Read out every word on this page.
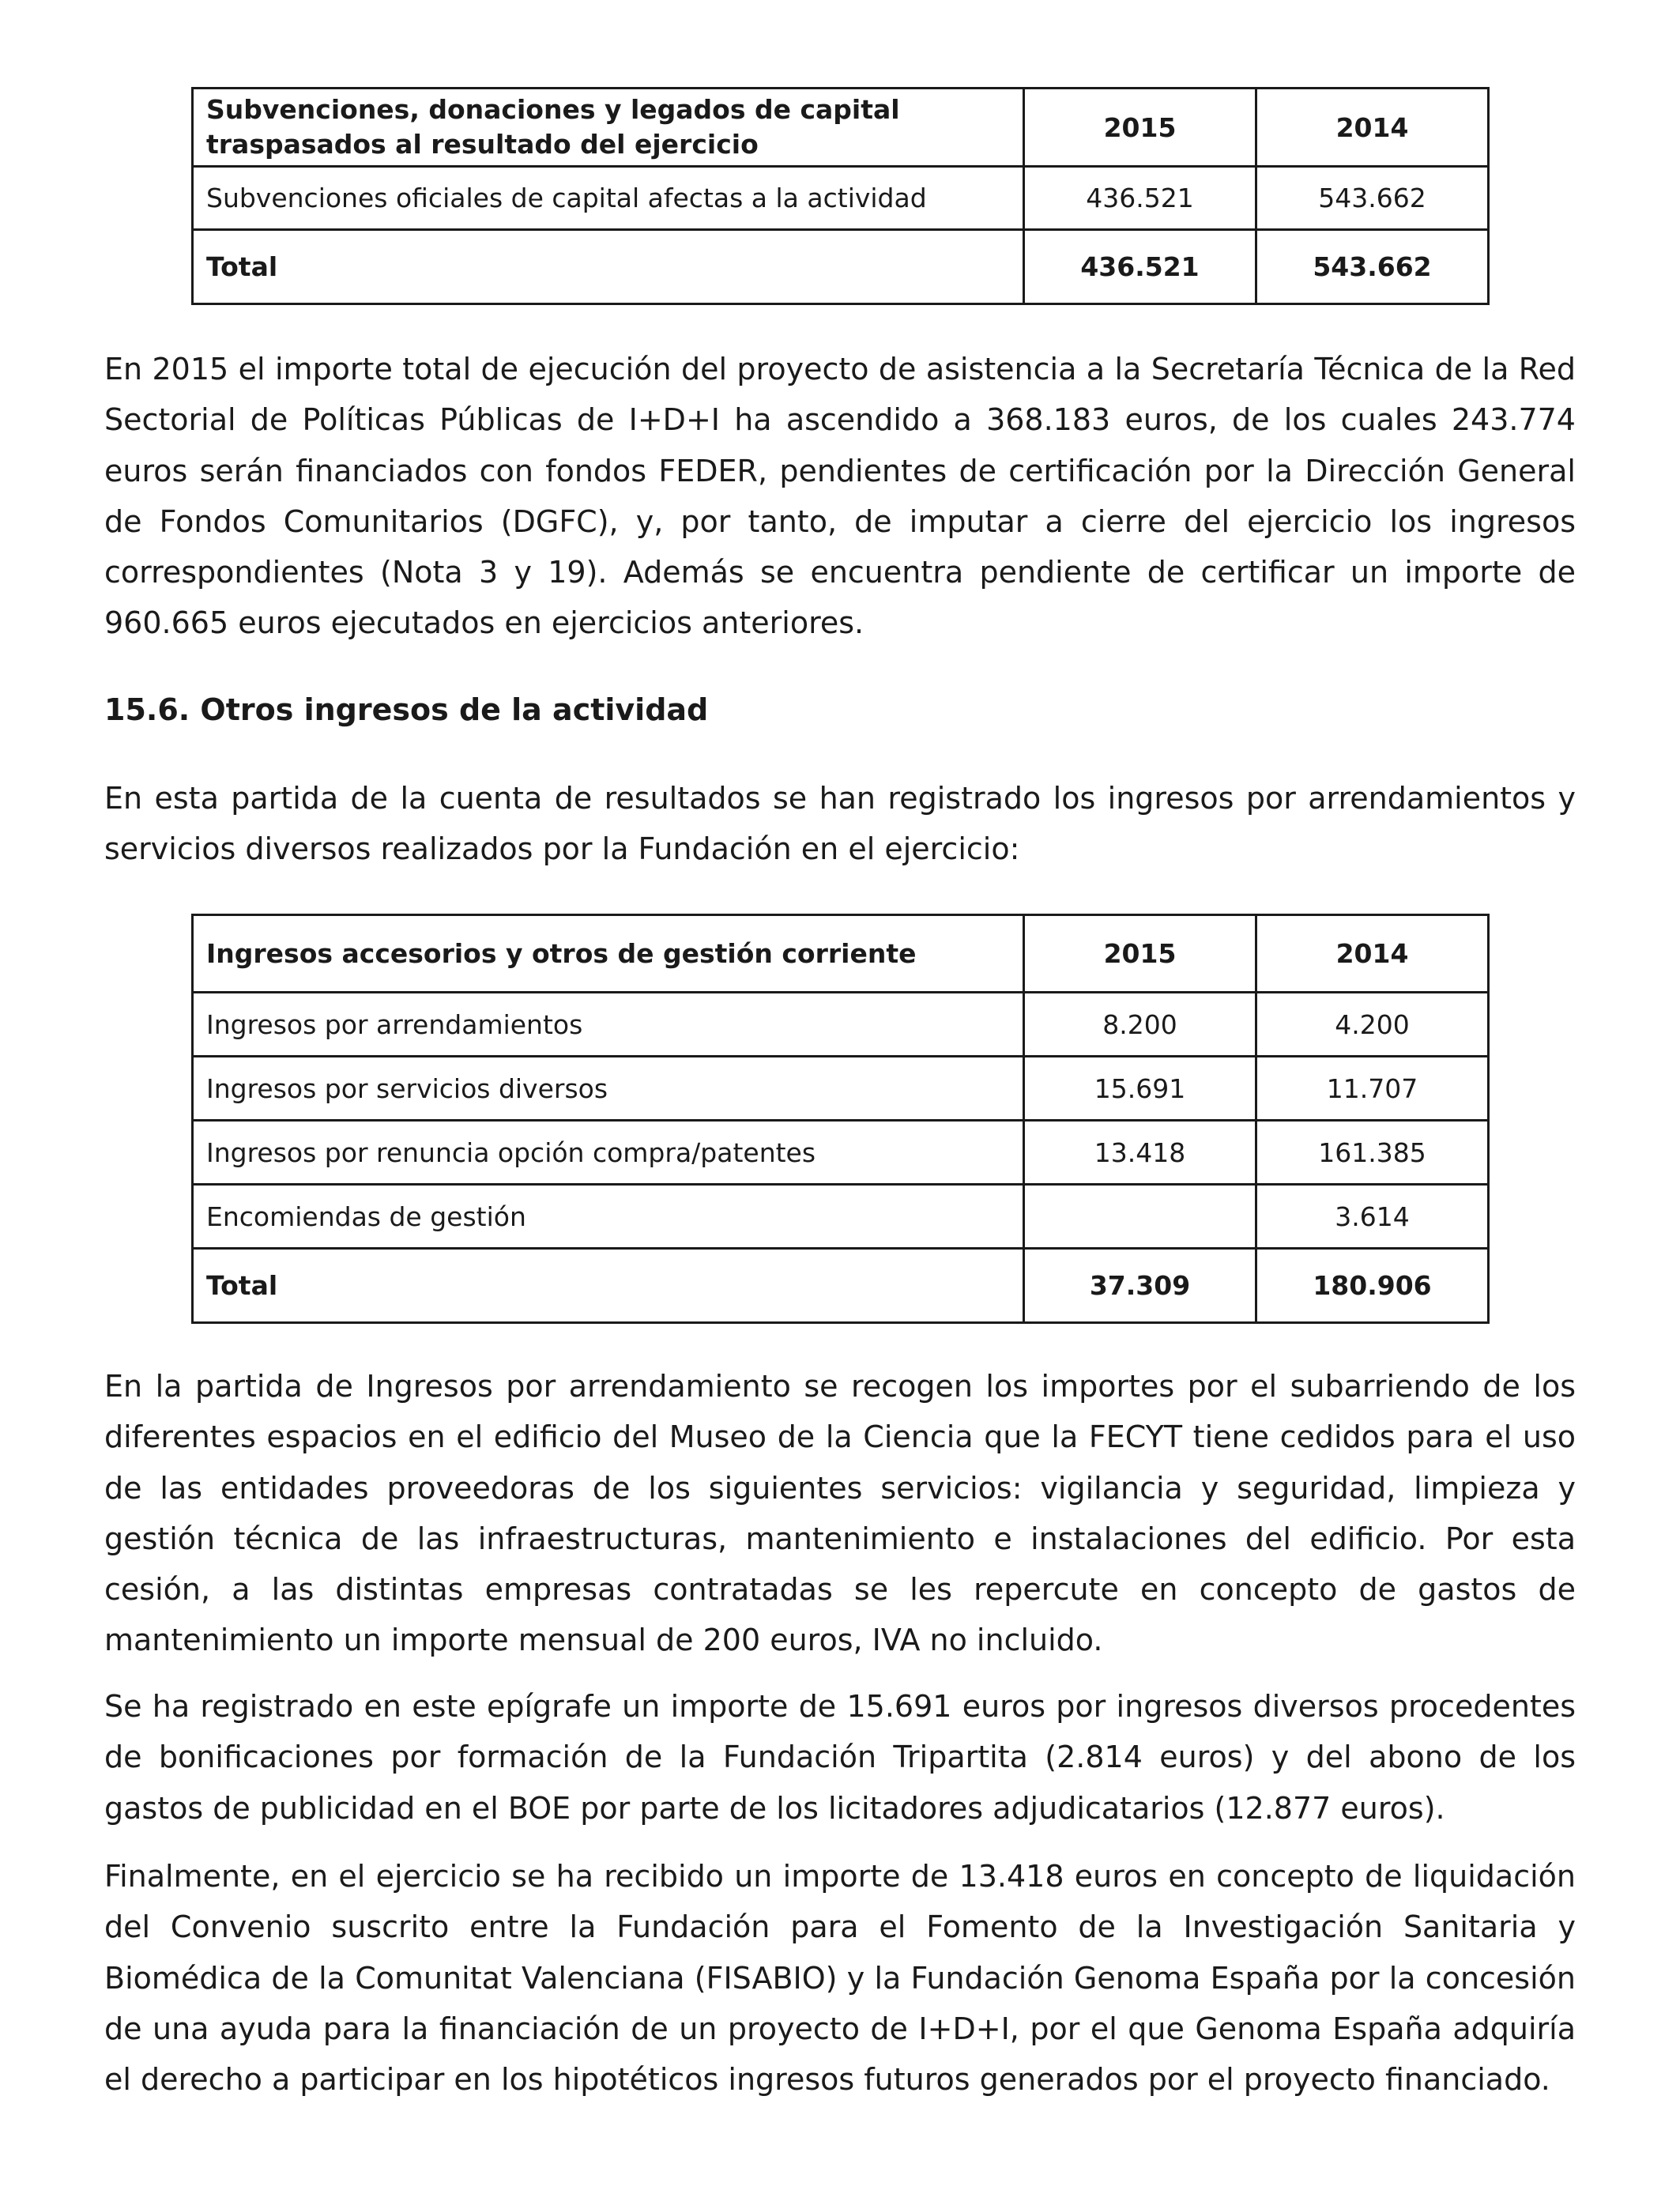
Subvenciones, donaciones y legados de capital traspasados al resultado del ejercicio	2015	2014
Subvenciones oficiales de capital afectas a la actividad	436.521	543.662
Total	436.521	543.662

En 2015 el importe total de ejecución del proyecto de asistencia a la Secretaría Técnica de la Red Sectorial de Políticas Públicas de I+D+I ha ascendido a 368.183 euros, de los cuales 243.774 euros serán financiados con fondos FEDER, pendientes de certificación por la Dirección General de Fondos Comunitarios (DGFC), y, por tanto, de imputar a cierre del ejercicio los ingresos correspondientes (Nota 3 y 19). Además se encuentra pendiente de certificar un importe de 960.665 euros ejecutados en ejercicios anteriores.

15.6. Otros ingresos de la actividad

En esta partida de la cuenta de resultados se han registrado los ingresos por arrendamientos y servicios diversos realizados por la Fundación en el ejercicio:

Ingresos accesorios y otros de gestión corriente	2015	2014
Ingresos por arrendamientos	8.200	4.200
Ingresos por servicios diversos	15.691	11.707
Ingresos por renuncia opción compra/patentes	13.418	161.385
Encomiendas de gestión		3.614
Total	37.309	180.906

En la partida de Ingresos por arrendamiento se recogen los importes por el subarriendo de los diferentes espacios en el edificio del Museo de la Ciencia que la FECYT tiene cedidos para el uso de las entidades proveedoras de los siguientes servicios: vigilancia y seguridad, limpieza y gestión técnica de las infraestructuras, mantenimiento e instalaciones del edificio. Por esta cesión, a las distintas empresas contratadas se les repercute en concepto de gastos de mantenimiento un importe mensual de 200 euros, IVA no incluido.

Se ha registrado en este epígrafe un importe de 15.691 euros por ingresos diversos procedentes de bonificaciones por formación de la Fundación Tripartita (2.814 euros) y del abono de los gastos de publicidad en el BOE por parte de los licitadores adjudicatarios (12.877 euros).

Finalmente, en el ejercicio se ha recibido un importe de 13.418 euros en concepto de liquidación del Convenio suscrito entre la Fundación para el Fomento de la Investigación Sanitaria y Biomédica de la Comunitat Valenciana (FISABIO) y la Fundación Genoma España por la concesión de una ayuda para la financiación de un proyecto de I+D+I, por el que Genoma España adquiría el derecho a participar en los hipotéticos ingresos futuros generados por el proyecto financiado.
